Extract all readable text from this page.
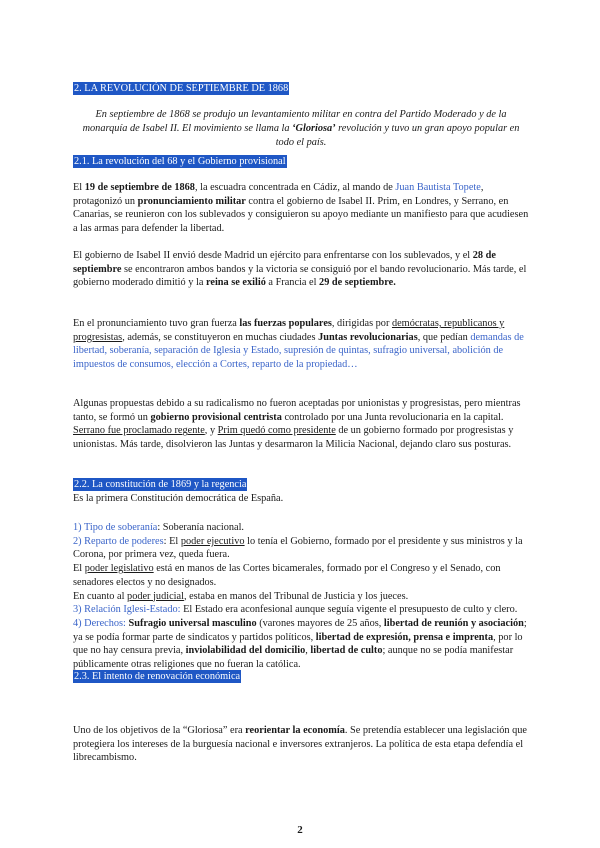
2. LA REVOLUCIÓN DE SEPTIEMBRE DE 1868

En septiembre de 1868 se produjo un levantamiento militar en contra del Partido Moderado y de la monarquía de Isabel II. El movimiento se llama la ‘Gloriosa’ revolución y tuvo un gran apoyo popular en todo el país.

2.1. La revolución del 68 y el Gobierno provisional

El 19 de septiembre de 1868, la escuadra concentrada en Cádiz, al mando de Juan Bautista Topete, protagonizó un pronunciamiento militar contra el gobierno de Isabel II. Prim, en Londres, y Serrano, en Canarias, se reunieron con los sublevados y consiguieron su apoyo mediante un manifiesto para que acudiesen a las armas para defender la libertad.

El gobierno de Isabel II envió desde Madrid un ejército para enfrentarse con los sublevados, y el 28 de septiembre se encontraron ambos bandos y la victoria se consiguió por el bando revolucionario. Más tarde, el gobierno moderado dimitió y la reina se exilió a Francia el 29 de septiembre.

En el pronunciamiento tuvo gran fuerza las fuerzas populares, dirigidas por demócratas, republicanos y progresistas, además, se constituyeron en muchas ciudades Juntas revolucionarias, que pedían demandas de libertad, soberanía, separación de Iglesia y Estado, supresión de quintas, sufragio universal, abolición de impuestos de consumos, elección a Cortes, reparto de la propiedad…

Algunas propuestas debido a su radicalismo no fueron aceptadas por unionistas y progresistas, pero mientras tanto, se formó un gobierno provisional centrista controlado por una Junta revolucionaria en la capital. Serrano fue proclamado regente, y Prim quedó como presidente de un gobierno formado por progresistas y unionistas. Más tarde, disolvieron las Juntas y desarmaron la Milicia Nacional, dejando claro sus posturas.

2.2. La constitución de 1869 y la regencia

Es la primera Constitución democrática de España.

1) Tipo de soberanía: Soberanía nacional.

2) Reparto de poderes: El poder ejecutivo lo tenía el Gobierno, formado por el presidente y sus ministros y la Corona, por primera vez, queda fuera.

El poder legislativo está en manos de las Cortes bicamerales, formado por el Congreso y el Senado, con senadores electos y no designados.

En cuanto al poder judicial, estaba en manos del Tribunal de Justicia y los jueces.

3) Relación Iglesi-Estado: El Estado era aconfesional aunque seguía vigente el presupuesto de culto y clero.

4) Derechos: Sufragio universal masculino (varones mayores de 25 años, libertad de reunión y asociación; ya se podía formar parte de sindicatos y partidos políticos, libertad de expresión, prensa e imprenta, por lo que no hay censura previa, inviolabilidad del domicilio, libertad de culto; aunque no se podía manifestar públicamente otras religiones que no fueran la católica.

2.3. El intento de renovación económica

Uno de los objetivos de la “Gloriosa” era reorientar la economía. Se pretendía establecer una legislación que protegiera los intereses de la burguesía nacional e inversores extranjeros. La política de esta etapa defendía el librecambismo.

2
